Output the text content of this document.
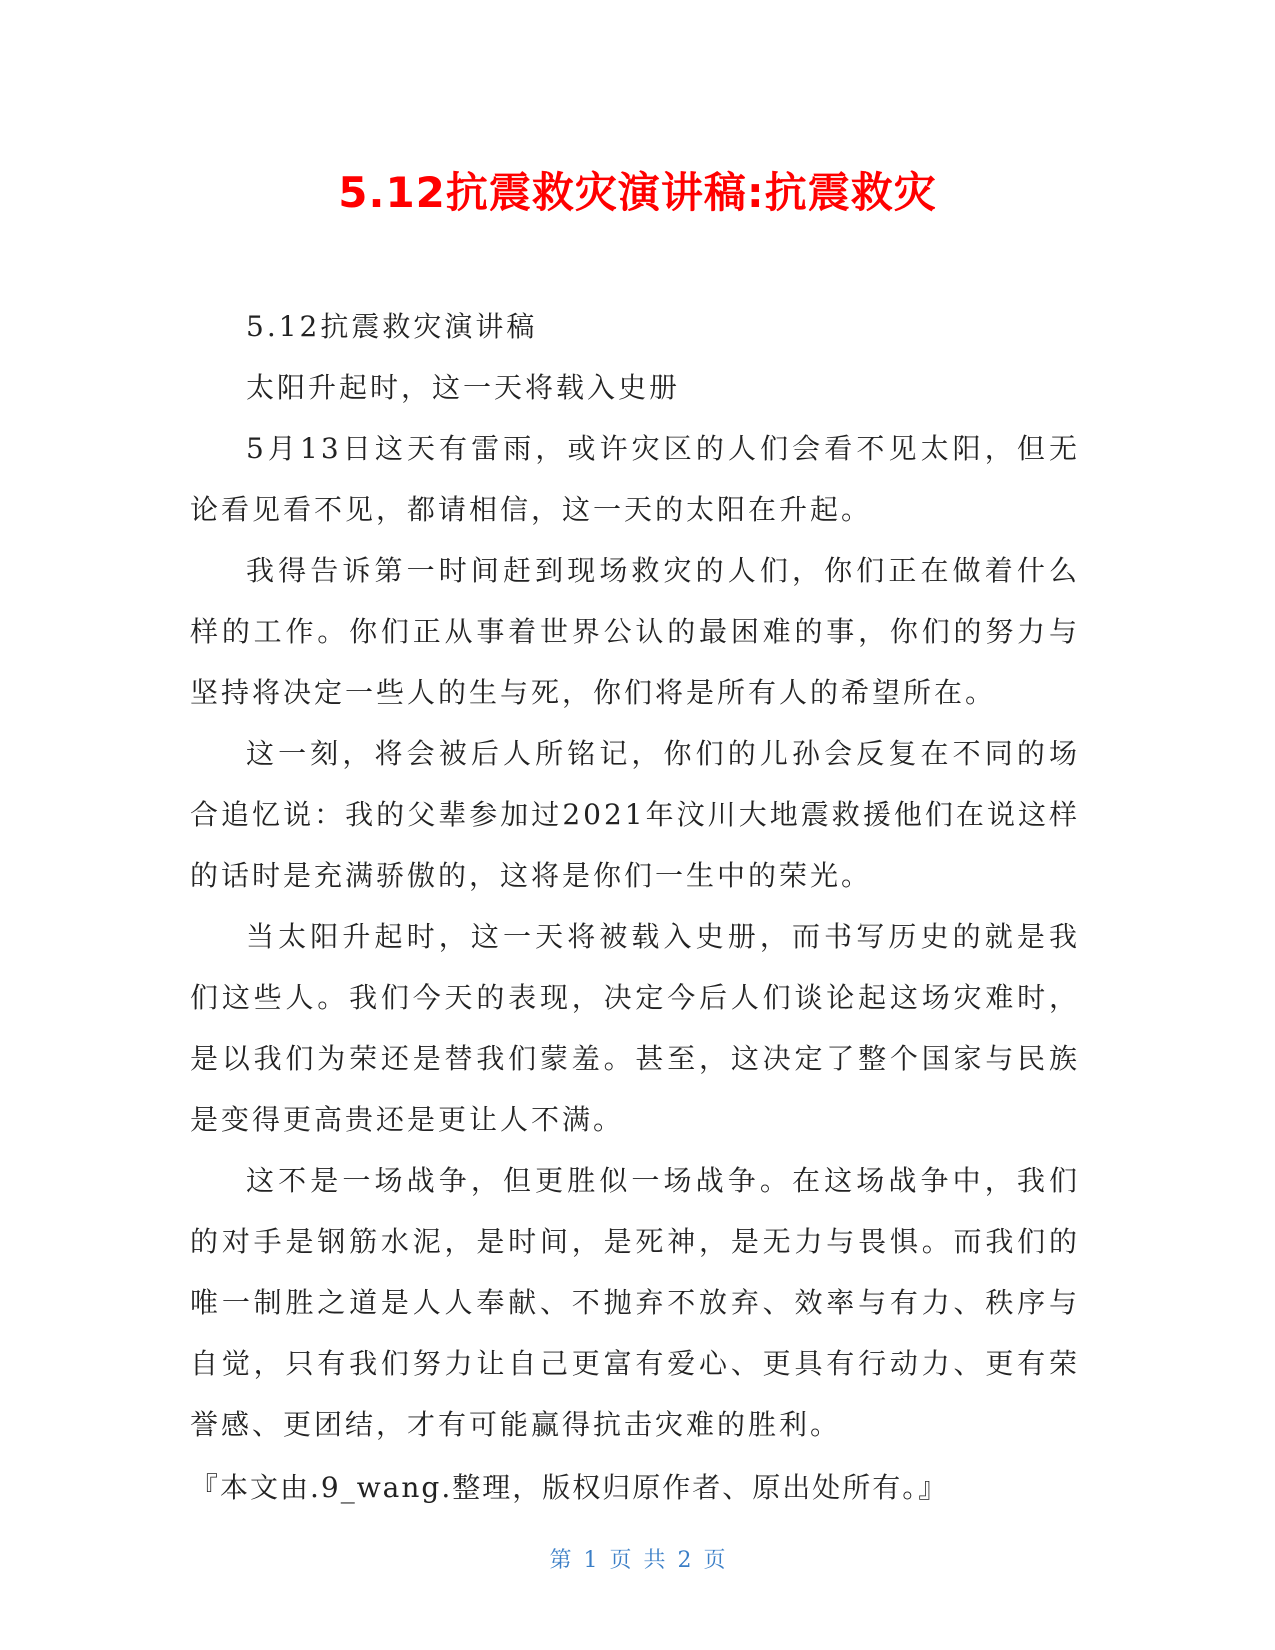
5.12抗震救灾演讲稿:抗震救灾

5.12抗震救灾演讲稿

太阳升起时，这一天将载入史册

5月13日这天有雷雨，或许灾区的人们会看不见太阳，但无论看见看不见，都请相信，这一天的太阳在升起。

我得告诉第一时间赶到现场救灾的人们，你们正在做着什么样的工作。你们正从事着世界公认的最困难的事，你们的努力与坚持将决定一些人的生与死，你们将是所有人的希望所在。

这一刻，将会被后人所铭记，你们的儿孙会反复在不同的场合追忆说：我的父辈参加过2021年汶川大地震救援他们在说这样的话时是充满骄傲的，这将是你们一生中的荣光。

当太阳升起时，这一天将被载入史册，而书写历史的就是我们这些人。我们今天的表现，决定今后人们谈论起这场灾难时，是以我们为荣还是替我们蒙羞。甚至，这决定了整个国家与民族是变得更高贵还是更让人不满。

这不是一场战争，但更胜似一场战争。在这场战争中，我们的对手是钢筋水泥，是时间，是死神，是无力与畏惧。而我们的唯一制胜之道是人人奉献、不抛弃不放弃、效率与有力、秩序与自觉，只有我们努力让自己更富有爱心、更具有行动力、更有荣誉感、更团结，才有可能赢得抗击灾难的胜利。

『本文由.9_wang.整理，版权归原作者、原出处所有。』

第 1 页 共 2 页
